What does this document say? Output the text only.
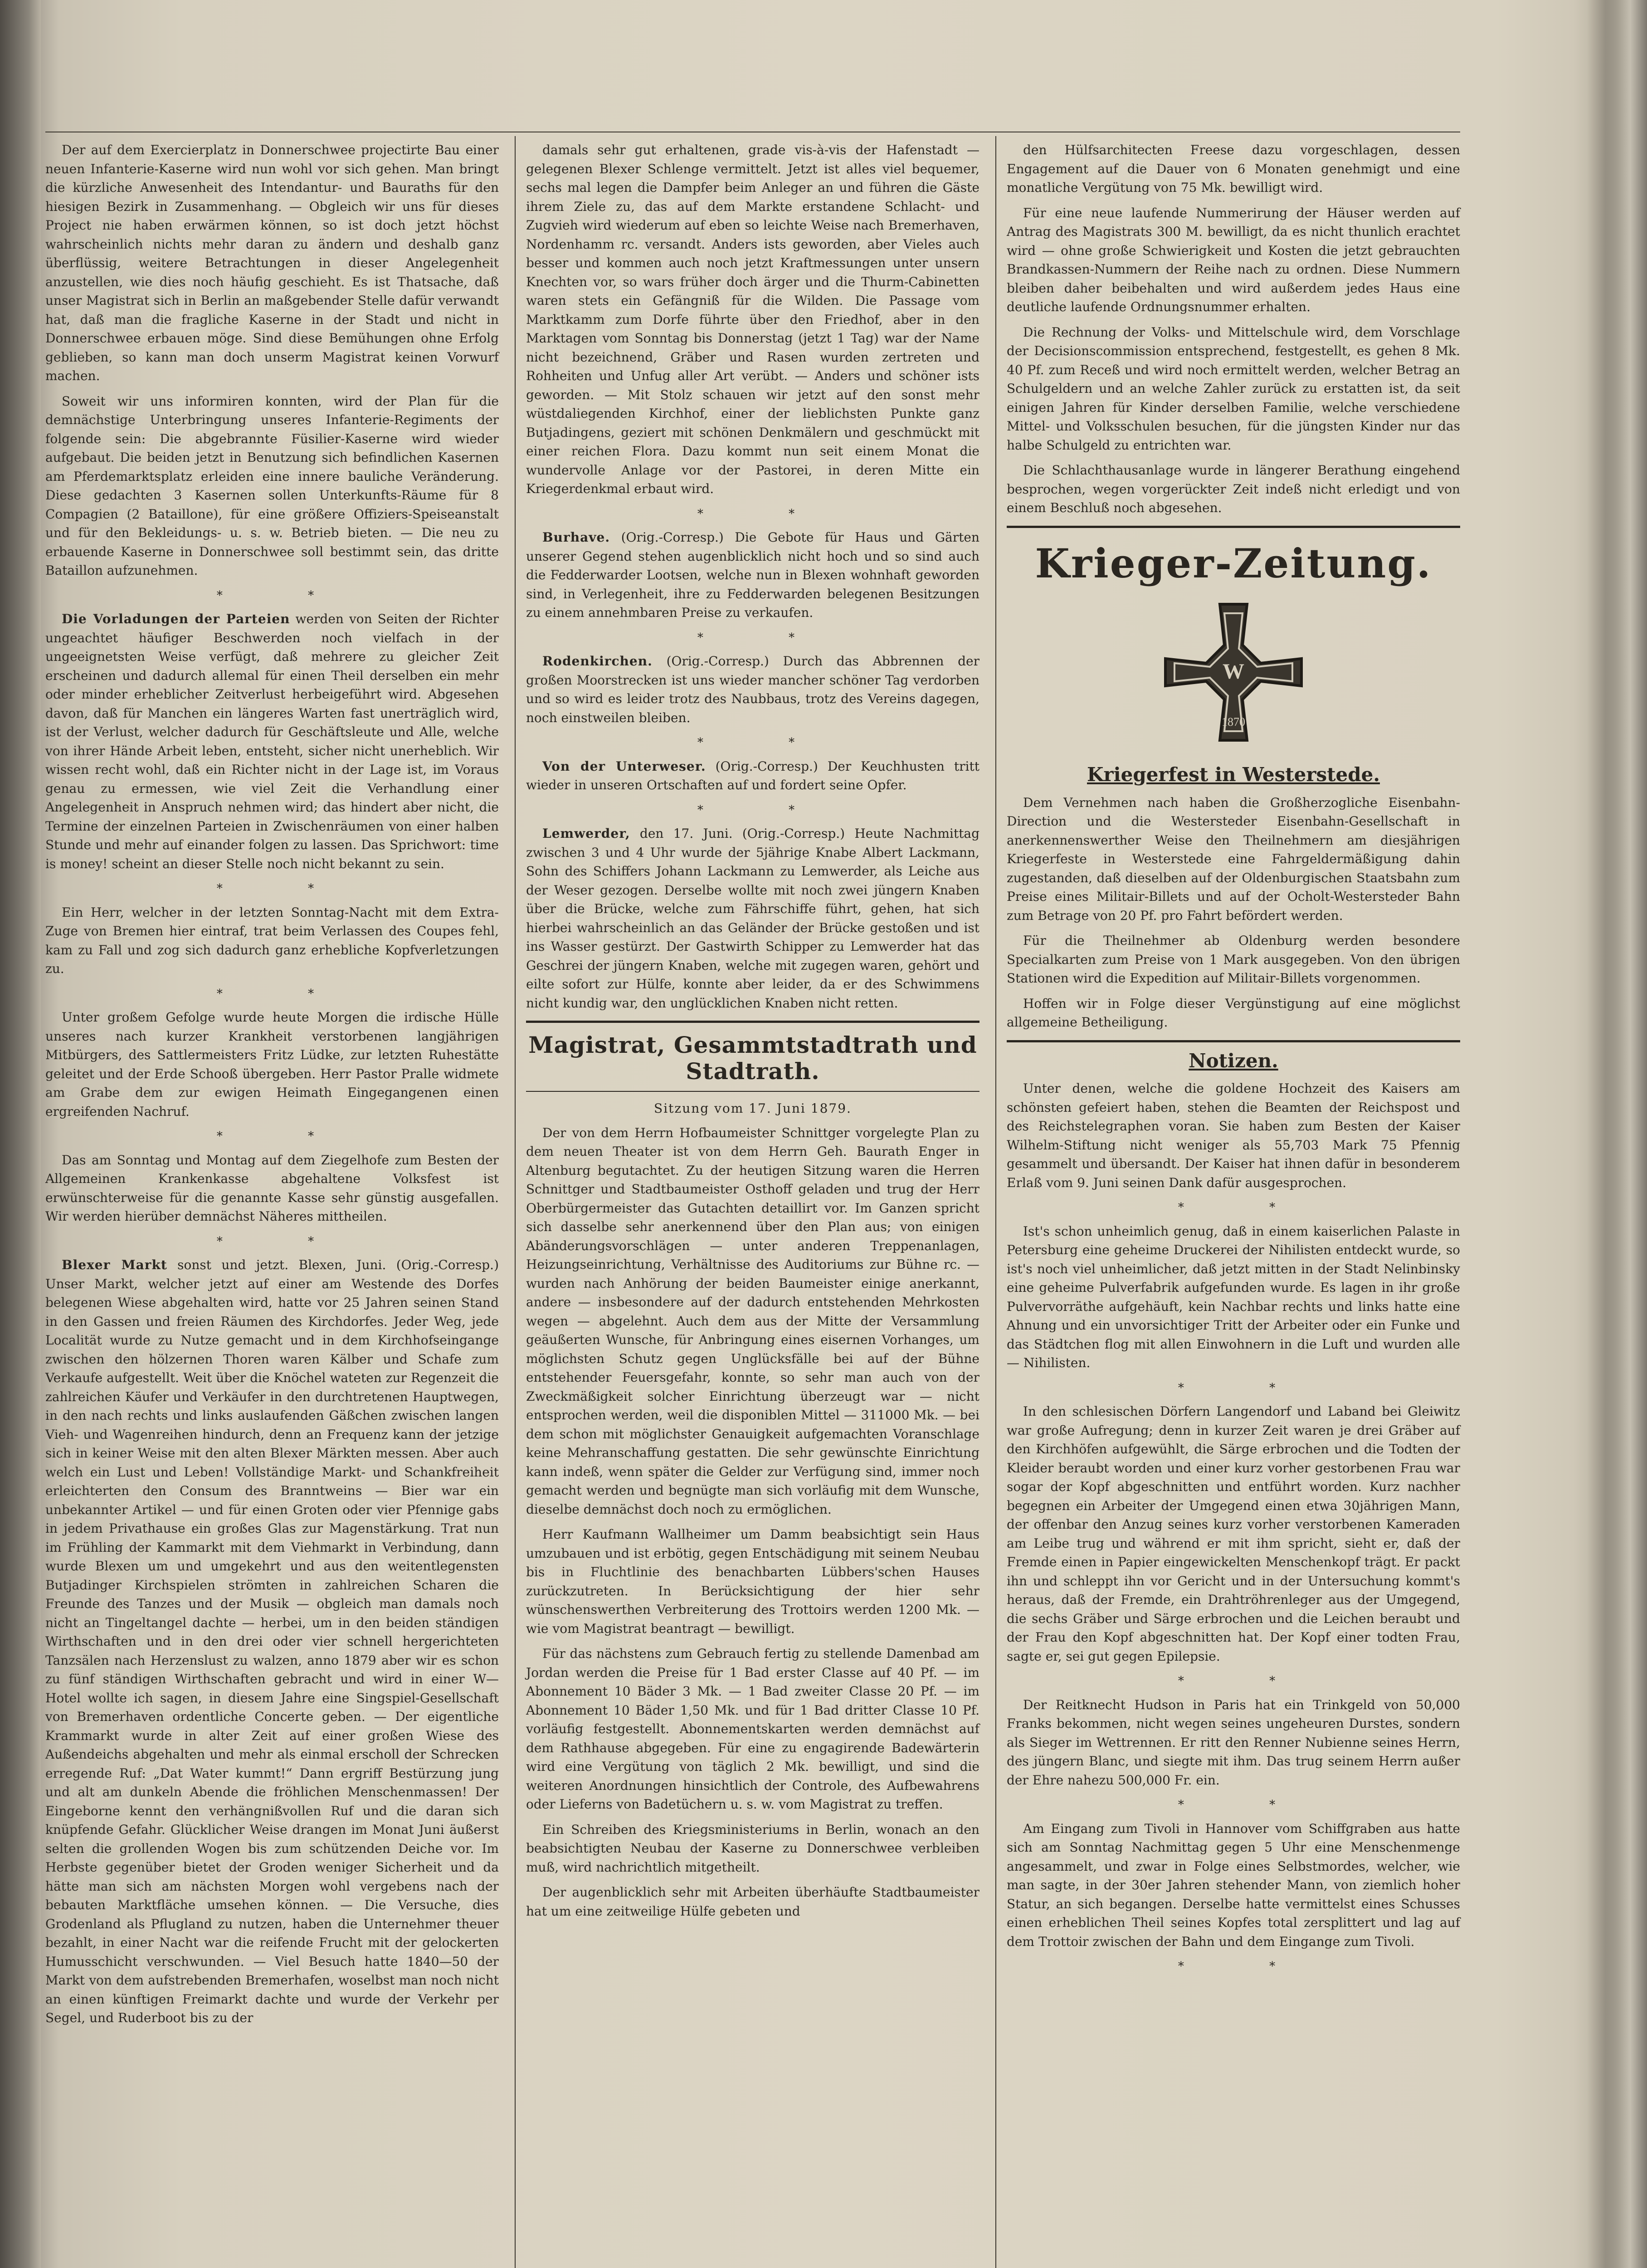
Der auf dem Exercierplatz in Donnerschwee projectirte Bau einer neuen Infanterie-Kaserne wird nun wohl vor sich gehen. Man bringt die kürzliche Anwesenheit des Intendantur- und Bauraths für den hiesigen Bezirk in Zusammenhang. — Obgleich wir uns für dieses Project nie haben erwärmen können, so ist doch jetzt höchst wahrscheinlich nichts mehr daran zu ändern und deshalb ganz überflüssig, weitere Betrachtungen in dieser Angelegenheit anzustellen, wie dies noch häufig geschieht. Es ist Thatsache, daß unser Magistrat sich in Berlin an maßgebender Stelle dafür verwandt hat, daß man die fragliche Kaserne in der Stadt und nicht in Donnerschwee erbauen möge. Sind diese Bemühungen ohne Erfolg geblieben, so kann man doch unserm Magistrat keinen Vorwurf machen.

Soweit wir uns informiren konnten, wird der Plan für die demnächstige Unterbringung unseres Infanterie-Regiments der folgende sein: Die abgebrannte Füsilier-Kaserne wird wieder aufgebaut. Die beiden jetzt in Benutzung sich befindlichen Kasernen am Pferdemarktsplatz erleiden eine innere bauliche Veränderung. Diese gedachten 3 Kasernen sollen Unterkunfts-Räume für 8 Compagien (2 Bataillone), für eine größere Offiziers-Speiseanstalt und für den Bekleidungs- u. s. w. Betrieb bieten. — Die neu zu erbauende Kaserne in Donnerschwee soll bestimmt sein, das dritte Bataillon aufzunehmen.

* *

Die Vorladungen der Parteien werden von Seiten der Richter ungeachtet häufiger Beschwerden noch vielfach in der ungeeignetsten Weise verfügt, daß mehrere zu gleicher Zeit erscheinen und dadurch allemal für einen Theil derselben ein mehr oder minder erheblicher Zeitverlust herbeigeführt wird. Abgesehen davon, daß für Manchen ein längeres Warten fast unerträglich wird, ist der Verlust, welcher dadurch für Geschäftsleute und Alle, welche von ihrer Hände Arbeit leben, entsteht, sicher nicht unerheblich. Wir wissen recht wohl, daß ein Richter nicht in der Lage ist, im Voraus genau zu ermessen, wie viel Zeit die Verhandlung einer Angelegenheit in Anspruch nehmen wird; das hindert aber nicht, die Termine der einzelnen Parteien in Zwischenräumen von einer halben Stunde und mehr auf einander folgen zu lassen. Das Sprichwort: time is money! scheint an dieser Stelle noch nicht bekannt zu sein.

* *

Ein Herr, welcher in der letzten Sonntag-Nacht mit dem Extra-Zuge von Bremen hier eintraf, trat beim Verlassen des Coupes fehl, kam zu Fall und zog sich dadurch ganz erhebliche Kopfverletzungen zu.

* *

Unter großem Gefolge wurde heute Morgen die irdische Hülle unseres nach kurzer Krankheit verstorbenen langjährigen Mitbürgers, des Sattlermeisters Fritz Lüdke, zur letzten Ruhestätte geleitet und der Erde Schooß übergeben. Herr Pastor Pralle widmete am Grabe dem zur ewigen Heimath Eingegangenen einen ergreifenden Nachruf.

* *

Das am Sonntag und Montag auf dem Ziegelhofe zum Besten der Allgemeinen Krankenkasse abgehaltene Volksfest ist erwünschterweise für die genannte Kasse sehr günstig ausgefallen. Wir werden hierüber demnächst Näheres mittheilen.

* *

Blexer Markt sonst und jetzt. Blexen, Juni. (Orig.-Corresp.) Unser Markt, welcher jetzt auf einer am Westende des Dorfes belegenen Wiese abgehalten wird, hatte vor 25 Jahren seinen Stand in den Gassen und freien Räumen des Kirchdorfes. Jeder Weg, jede Localität wurde zu Nutze gemacht und in dem Kirchhofseingange zwischen den hölzernen Thoren waren Kälber und Schafe zum Verkaufe aufgestellt. Weit über die Knöchel wateten zur Regenzeit die zahlreichen Käufer und Verkäufer in den durchtretenen Hauptwegen, in den nach rechts und links auslaufenden Gäßchen zwischen langen Vieh- und Wagenreihen hindurch, denn an Frequenz kann der jetzige sich in keiner Weise mit den alten Blexer Märkten messen. Aber auch welch ein Lust und Leben! Vollständige Markt- und Schankfreiheit erleichterten den Consum des Branntweins — Bier war ein unbekannter Artikel — und für einen Groten oder vier Pfennige gabs in jedem Privathause ein großes Glas zur Magenstärkung. Trat nun im Frühling der Kammarkt mit dem Viehmarkt in Verbindung, dann wurde Blexen um und umgekehrt und aus den weitentlegensten Butjadinger Kirchspielen strömten in zahlreichen Scharen die Freunde des Tanzes und der Musik — obgleich man damals noch nicht an Tingeltangel dachte — herbei, um in den beiden ständigen Wirthschaften und in den drei oder vier schnell hergerichteten Tanzsälen nach Herzenslust zu walzen, anno 1879 aber wir es schon zu fünf ständigen Wirthschaften gebracht und wird in einer W— Hotel wollte ich sagen, in diesem Jahre eine Singspiel-Gesellschaft von Bremerhaven ordentliche Concerte geben. — Der eigentliche Krammarkt wurde in alter Zeit auf einer großen Wiese des Außendeichs abgehalten und mehr als einmal erscholl der Schrecken erregende Ruf: „Dat Water kummt!“ Dann ergriff Bestürzung jung und alt am dunkeln Abende die fröhlichen Menschenmassen! Der Eingeborne kennt den verhängnißvollen Ruf und die daran sich knüpfende Gefahr. Glücklicher Weise drangen im Monat Juni äußerst selten die grollenden Wogen bis zum schützenden Deiche vor. Im Herbste gegenüber bietet der Groden weniger Sicherheit und da hätte man sich am nächsten Morgen wohl vergebens nach der bebauten Marktfläche umsehen können. — Die Versuche, dies Grodenland als Pflugland zu nutzen, haben die Unternehmer theuer bezahlt, in einer Nacht war die reifende Frucht mit der gelockerten Humusschicht verschwunden. — Viel Besuch hatte 1840—50 der Markt von dem aufstrebenden Bremerhafen, woselbst man noch nicht an einen künftigen Freimarkt dachte und wurde der Verkehr per Segel, und Ruderboot bis zu der

damals sehr gut erhaltenen, grade vis-à-vis der Hafenstadt — gelegenen Blexer Schlenge vermittelt. Jetzt ist alles viel bequemer, sechs mal legen die Dampfer beim Anleger an und führen die Gäste ihrem Ziele zu, das auf dem Markte erstandene Schlacht- und Zugvieh wird wiederum auf eben so leichte Weise nach Bremerhaven, Nordenhamm rc. versandt. Anders ists geworden, aber Vieles auch besser und kommen auch noch jetzt Kraftmessungen unter unsern Knechten vor, so wars früher doch ärger und die Thurm-Cabinetten waren stets ein Gefängniß für die Wilden. Die Passage vom Marktkamm zum Dorfe führte über den Friedhof, aber in den Marktagen vom Sonntag bis Donnerstag (jetzt 1 Tag) war der Name nicht bezeichnend, Gräber und Rasen wurden zertreten und Rohheiten und Unfug aller Art verübt. — Anders und schöner ists geworden. — Mit Stolz schauen wir jetzt auf den sonst mehr wüstdaliegenden Kirchhof, einer der lieblichsten Punkte ganz Butjadingens, geziert mit schönen Denkmälern und geschmückt mit einer reichen Flora. Dazu kommt nun seit einem Monat die wundervolle Anlage vor der Pastorei, in deren Mitte ein Kriegerdenkmal erbaut wird.

* *

Burhave. (Orig.-Corresp.) Die Gebote für Haus und Gärten unserer Gegend stehen augenblicklich nicht hoch und so sind auch die Fedderwarder Lootsen, welche nun in Blexen wohnhaft geworden sind, in Verlegenheit, ihre zu Fedderwarden belegenen Besitzungen zu einem annehmbaren Preise zu verkaufen.

* *

Rodenkirchen. (Orig.-Corresp.) Durch das Abbrennen der großen Moorstrecken ist uns wieder mancher schöner Tag verdorben und so wird es leider trotz des Naubbaus, trotz des Vereins dagegen, noch einstweilen bleiben.

* *

Von der Unterweser. (Orig.-Corresp.) Der Keuchhusten tritt wieder in unseren Ortschaften auf und fordert seine Opfer.

* *

Lemwerder, den 17. Juni. (Orig.-Corresp.) Heute Nachmittag zwischen 3 und 4 Uhr wurde der 5jährige Knabe Albert Lackmann, Sohn des Schiffers Johann Lackmann zu Lemwerder, als Leiche aus der Weser gezogen. Derselbe wollte mit noch zwei jüngern Knaben über die Brücke, welche zum Fährschiffe führt, gehen, hat sich hierbei wahrscheinlich an das Geländer der Brücke gestoßen und ist ins Wasser gestürzt. Der Gastwirth Schipper zu Lemwerder hat das Geschrei der jüngern Knaben, welche mit zugegen waren, gehört und eilte sofort zur Hülfe, konnte aber leider, da er des Schwimmens nicht kundig war, den unglücklichen Knaben nicht retten.

Magistrat, Gesammtstadtrath und Stadtrath.
Sitzung vom 17. Juni 1879.

Der von dem Herrn Hofbaumeister Schnittger vorgelegte Plan zu dem neuen Theater ist von dem Herrn Geh. Baurath Enger in Altenburg begutachtet. Zu der heutigen Sitzung waren die Herren Schnittger und Stadtbaumeister Osthoff geladen und trug der Herr Oberbürgermeister das Gutachten detaillirt vor. Im Ganzen spricht sich dasselbe sehr anerkennend über den Plan aus; von einigen Abänderungsvorschlägen — unter anderen Treppenanlagen, Heizungseinrichtung, Verhältnisse des Auditoriums zur Bühne rc. — wurden nach Anhörung der beiden Baumeister einige anerkannt, andere — insbesondere auf der dadurch entstehenden Mehrkosten wegen — abgelehnt. Auch dem aus der Mitte der Versammlung geäußerten Wunsche, für Anbringung eines eisernen Vorhanges, um möglichsten Schutz gegen Unglücksfälle bei auf der Bühne entstehender Feuersgefahr, konnte, so sehr man auch von der Zweckmäßigkeit solcher Einrichtung überzeugt war — nicht entsprochen werden, weil die disponiblen Mittel — 311000 Mk. — bei dem schon mit möglichster Genauigkeit aufgemachten Voranschlage keine Mehranschaffung gestatten. Die sehr gewünschte Einrichtung kann indeß, wenn später die Gelder zur Verfügung sind, immer noch gemacht werden und begnügte man sich vorläufig mit dem Wunsche, dieselbe demnächst doch noch zu ermöglichen.

Herr Kaufmann Wallheimer um Damm beabsichtigt sein Haus umzubauen und ist erbötig, gegen Entschädigung mit seinem Neubau bis in Fluchtlinie des benachbarten Lübbers'schen Hauses zurückzutreten. In Berücksichtigung der hier sehr wünschenswerthen Verbreiterung des Trottoirs werden 1200 Mk. — wie vom Magistrat beantragt — bewilligt.

Für das nächstens zum Gebrauch fertig zu stellende Damenbad am Jordan werden die Preise für 1 Bad erster Classe auf 40 Pf. — im Abonnement 10 Bäder 3 Mk. — 1 Bad zweiter Classe 20 Pf. — im Abonnement 10 Bäder 1,50 Mk. und für 1 Bad dritter Classe 10 Pf. vorläufig festgestellt. Abonnementskarten werden demnächst auf dem Rathhause abgegeben. Für eine zu engagirende Badewärterin wird eine Vergütung von täglich 2 Mk. bewilligt, und sind die weiteren Anordnungen hinsichtlich der Controle, des Aufbewahrens oder Lieferns von Badetüchern u. s. w. vom Magistrat zu treffen.

Ein Schreiben des Kriegsministeriums in Berlin, wonach an den beabsichtigten Neubau der Kaserne zu Donnerschwee verbleiben muß, wird nachrichtlich mitgetheilt.

Der augenblicklich sehr mit Arbeiten überhäufte Stadtbaumeister hat um eine zeitweilige Hülfe gebeten und

den Hülfsarchitecten Freese dazu vorgeschlagen, dessen Engagement auf die Dauer von 6 Monaten genehmigt und eine monatliche Vergütung von 75 Mk. bewilligt wird.

Für eine neue laufende Nummerirung der Häuser werden auf Antrag des Magistrats 300 M. bewilligt, da es nicht thunlich erachtet wird — ohne große Schwierigkeit und Kosten die jetzt gebrauchten Brandkassen-Nummern der Reihe nach zu ordnen. Diese Nummern bleiben daher beibehalten und wird außerdem jedes Haus eine deutliche laufende Ordnungsnummer erhalten.

Die Rechnung der Volks- und Mittelschule wird, dem Vorschlage der Decisionscommission entsprechend, festgestellt, es gehen 8 Mk. 40 Pf. zum Receß und wird noch ermittelt werden, welcher Betrag an Schulgeldern und an welche Zahler zurück zu erstatten ist, da seit einigen Jahren für Kinder derselben Familie, welche verschiedene Mittel- und Volksschulen besuchen, für die jüngsten Kinder nur das halbe Schulgeld zu entrichten war.

Die Schlachthausanlage wurde in längerer Berathung eingehend besprochen, wegen vorgerückter Zeit indeß nicht erledigt und von einem Beschluß noch abgesehen.

Krieger-Zeitung.
W
1870
Kriegerfest in Westerstede.

Dem Vernehmen nach haben die Großherzogliche Eisenbahn-Direction und die Westersteder Eisenbahn-Gesellschaft in anerkennenswerther Weise den Theilnehmern am diesjährigen Kriegerfeste in Westerstede eine Fahrgeldermäßigung dahin zugestanden, daß dieselben auf der Oldenburgischen Staatsbahn zum Preise eines Militair-Billets und auf der Ocholt-Westersteder Bahn zum Betrage von 20 Pf. pro Fahrt befördert werden.

Für die Theilnehmer ab Oldenburg werden besondere Specialkarten zum Preise von 1 Mark ausgegeben. Von den übrigen Stationen wird die Expedition auf Militair-Billets vorgenommen.

Hoffen wir in Folge dieser Vergünstigung auf eine möglichst allgemeine Betheiligung.

Notizen.

Unter denen, welche die goldene Hochzeit des Kaisers am schönsten gefeiert haben, stehen die Beamten der Reichspost und des Reichstelegraphen voran. Sie haben zum Besten der Kaiser Wilhelm-Stiftung nicht weniger als 55,703 Mark 75 Pfennig gesammelt und übersandt. Der Kaiser hat ihnen dafür in besonderem Erlaß vom 9. Juni seinen Dank dafür ausgesprochen.

* *

Ist's schon unheimlich genug, daß in einem kaiserlichen Palaste in Petersburg eine geheime Druckerei der Nihilisten entdeckt wurde, so ist's noch viel unheimlicher, daß jetzt mitten in der Stadt Nelinbinsky eine geheime Pulverfabrik aufgefunden wurde. Es lagen in ihr große Pulvervorräthe aufgehäuft, kein Nachbar rechts und links hatte eine Ahnung und ein unvorsichtiger Tritt der Arbeiter oder ein Funke und das Städtchen flog mit allen Einwohnern in die Luft und wurden alle — Nihilisten.

* *

In den schlesischen Dörfern Langendorf und Laband bei Gleiwitz war große Aufregung; denn in kurzer Zeit waren je drei Gräber auf den Kirchhöfen aufgewühlt, die Särge erbrochen und die Todten der Kleider beraubt worden und einer kurz vorher gestorbenen Frau war sogar der Kopf abgeschnitten und entführt worden. Kurz nachher begegnen ein Arbeiter der Umgegend einen etwa 30jährigen Mann, der offenbar den Anzug seines kurz vorher verstorbenen Kameraden am Leibe trug und während er mit ihm spricht, sieht er, daß der Fremde einen in Papier eingewickelten Menschenkopf trägt. Er packt ihn und schleppt ihn vor Gericht und in der Untersuchung kommt's heraus, daß der Fremde, ein Drahtröhrenleger aus der Umgegend, die sechs Gräber und Särge erbrochen und die Leichen beraubt und der Frau den Kopf abgeschnitten hat. Der Kopf einer todten Frau, sagte er, sei gut gegen Epilepsie.

* *

Der Reitknecht Hudson in Paris hat ein Trinkgeld von 50,000 Franks bekommen, nicht wegen seines ungeheuren Durstes, sondern als Sieger im Wettrennen. Er ritt den Renner Nubienne seines Herrn, des jüngern Blanc, und siegte mit ihm. Das trug seinem Herrn außer der Ehre nahezu 500,000 Fr. ein.

* *

Am Eingang zum Tivoli in Hannover vom Schiffgraben aus hatte sich am Sonntag Nachmittag gegen 5 Uhr eine Menschenmenge angesammelt, und zwar in Folge eines Selbstmordes, welcher, wie man sagte, in der 30er Jahren stehender Mann, von ziemlich hoher Statur, an sich begangen. Derselbe hatte vermittelst eines Schusses einen erheblichen Theil seines Kopfes total zersplittert und lag auf dem Trottoir zwischen der Bahn und dem Eingange zum Tivoli.

* *
